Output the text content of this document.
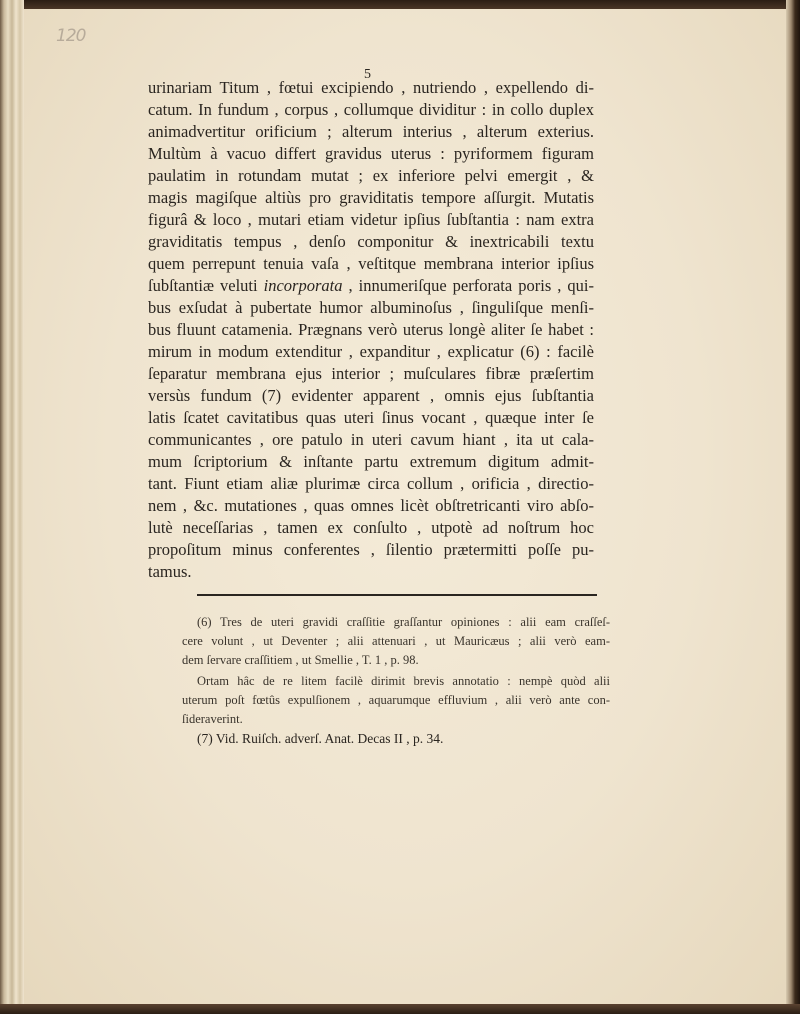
120
5
urinariam Titum , fœtui excipiendo , nutriendo , expellendo di-
catum. In fundum , corpus , collumque dividitur : in collo duplex
animadvertitur orificium ; alterum interius , alterum exterius.
Multùm à vacuo differt gravidus uterus : pyriformem figuram
paulatim in rotundam mutat ; ex inferiore pelvi emergit , &
magis magiſque altiùs pro graviditatis tempore aſſurgit. Mutatis
figurâ & loco , mutari etiam videtur ipſius ſubſtantia : nam extra
graviditatis tempus , denſo componitur & inextricabili textu
quem perrepunt tenuia vaſa , veſtitque membrana interior ipſius
ſubſtantiæ veluti incorporata , innumeriſque perforata poris , qui-
bus exſudat à pubertate humor albuminoſus , ſinguliſque menſi-
bus fluunt catamenia. Prægnans verò uterus longè aliter ſe habet :
mirum in modum extenditur , expanditur , explicatur (6) : facilè
ſeparatur membrana ejus interior ; muſculares fibræ præſertim
versùs fundum (7) evidenter apparent , omnis ejus ſubſtantia
latis ſcatet cavitatibus quas uteri ſinus vocant , quæque inter ſe
communicantes , ore patulo in uteri cavum hiant , ita ut cala-
mum ſcriptorium & inſtante partu extremum digitum admit-
tant. Fiunt etiam aliæ plurimæ circa collum , orificia , directio-
nem , &c. mutationes , quas omnes licèt obſtretricanti viro abſo-
lutè neceſſarias , tamen ex conſulto , utpotè ad noſtrum hoc
propoſitum minus conferentes , ſilentio prætermitti poſſe pu-
tamus.
(6) Tres de uteri gravidi craſſitie graſſantur opiniones : alii eam craſſeſ-
cere volunt , ut Deventer ; alii attenuari , ut Mauricæus ; alii verò eam-
dem ſervare craſſitiem , ut Smellie , T. 1 , p. 98.
Ortam hâc de re litem facilè dirimit brevis annotatio : nempè quòd alii
uterum poſt fœtûs expulſionem , aquarumque effluvium , alii verò ante con-
ſideraverint.
(7) Vid. Ruiſch. adverſ. Anat. Decas II , p. 34.
